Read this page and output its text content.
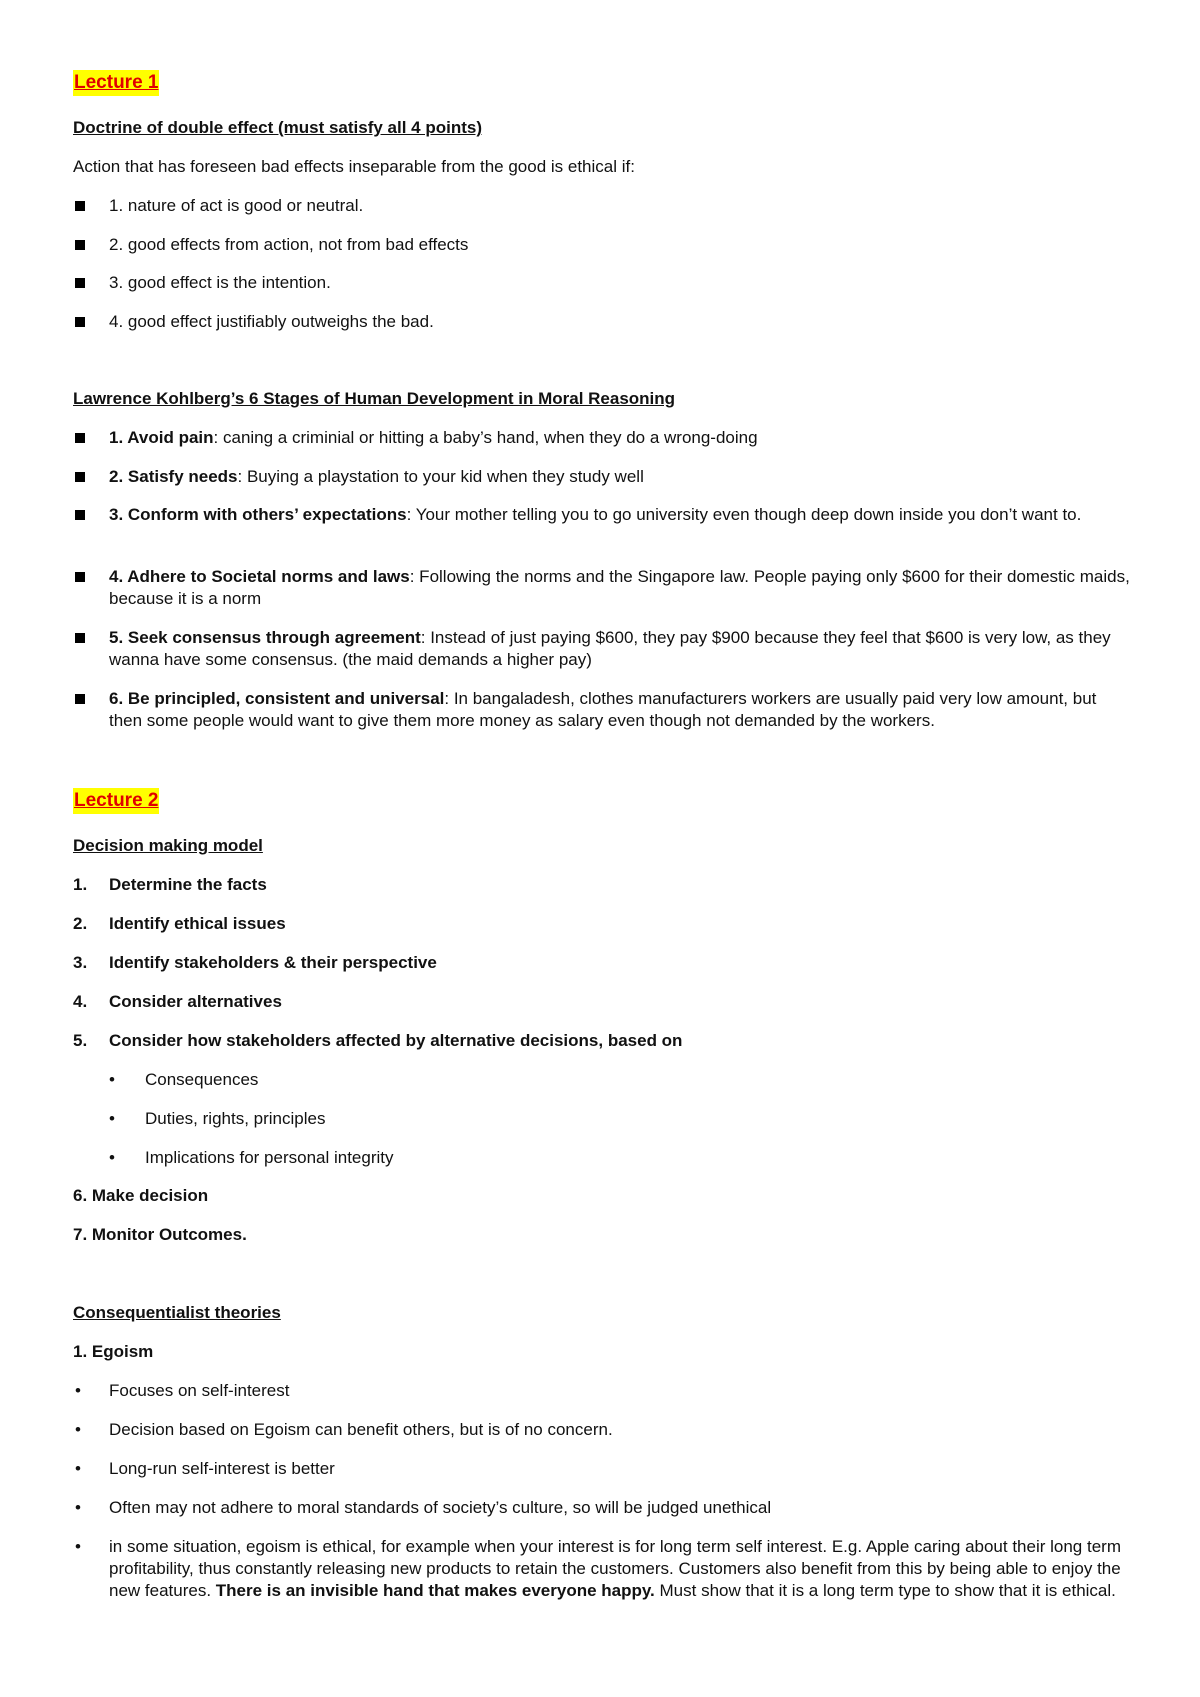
Lecture 1
Doctrine of double effect (must satisfy all 4 points)
Action that has foreseen bad effects inseparable from the good is ethical if:
1. nature of act is good or neutral.
2. good effects from action, not from bad effects
3. good effect is the intention.
4. good effect justifiably outweighs the bad.
Lawrence Kohlberg’s 6 Stages of Human Development in Moral Reasoning
1. Avoid pain: caning a criminial or hitting a baby’s hand, when they do a wrong-doing
2. Satisfy needs: Buying a playstation to your kid when they study well
3. Conform with others’ expectations: Your mother telling you to go university even though deep down inside you don’t want to.
4. Adhere to Societal norms and laws: Following the norms and the Singapore law. People paying only $600 for their domestic maids, because it is a norm
5. Seek consensus through agreement: Instead of just paying $600, they pay $900 because they feel that $600 is very low, as they wanna have some consensus. (the maid demands a higher pay)
6. Be principled, consistent and universal: In bangaladesh, clothes manufacturers workers are usually paid very low amount, but then some people would want to give them more money as salary even though not demanded by the workers.
Lecture 2
Decision making model
1. Determine the facts
2. Identify ethical issues
3. Identify stakeholders & their perspective
4. Consider alternatives
5. Consider how stakeholders affected by alternative decisions, based on
• Consequences
• Duties, rights, principles
• Implications for personal integrity
6. Make decision
7. Monitor Outcomes.
Consequentialist theories
1. Egoism
• Focuses on self-interest
• Decision based on Egoism can benefit others, but is of no concern.
• Long-run self-interest is better
• Often may not adhere to moral standards of society’s culture, so will be judged unethical
• in some situation, egoism is ethical, for example when your interest is for long term self interest. E.g. Apple caring about their long term profitability, thus constantly releasing new products to retain the customers. Customers also benefit from this by being able to enjoy the new features. There is an invisible hand that makes everyone happy. Must show that it is a long term type to show that it is ethical.
